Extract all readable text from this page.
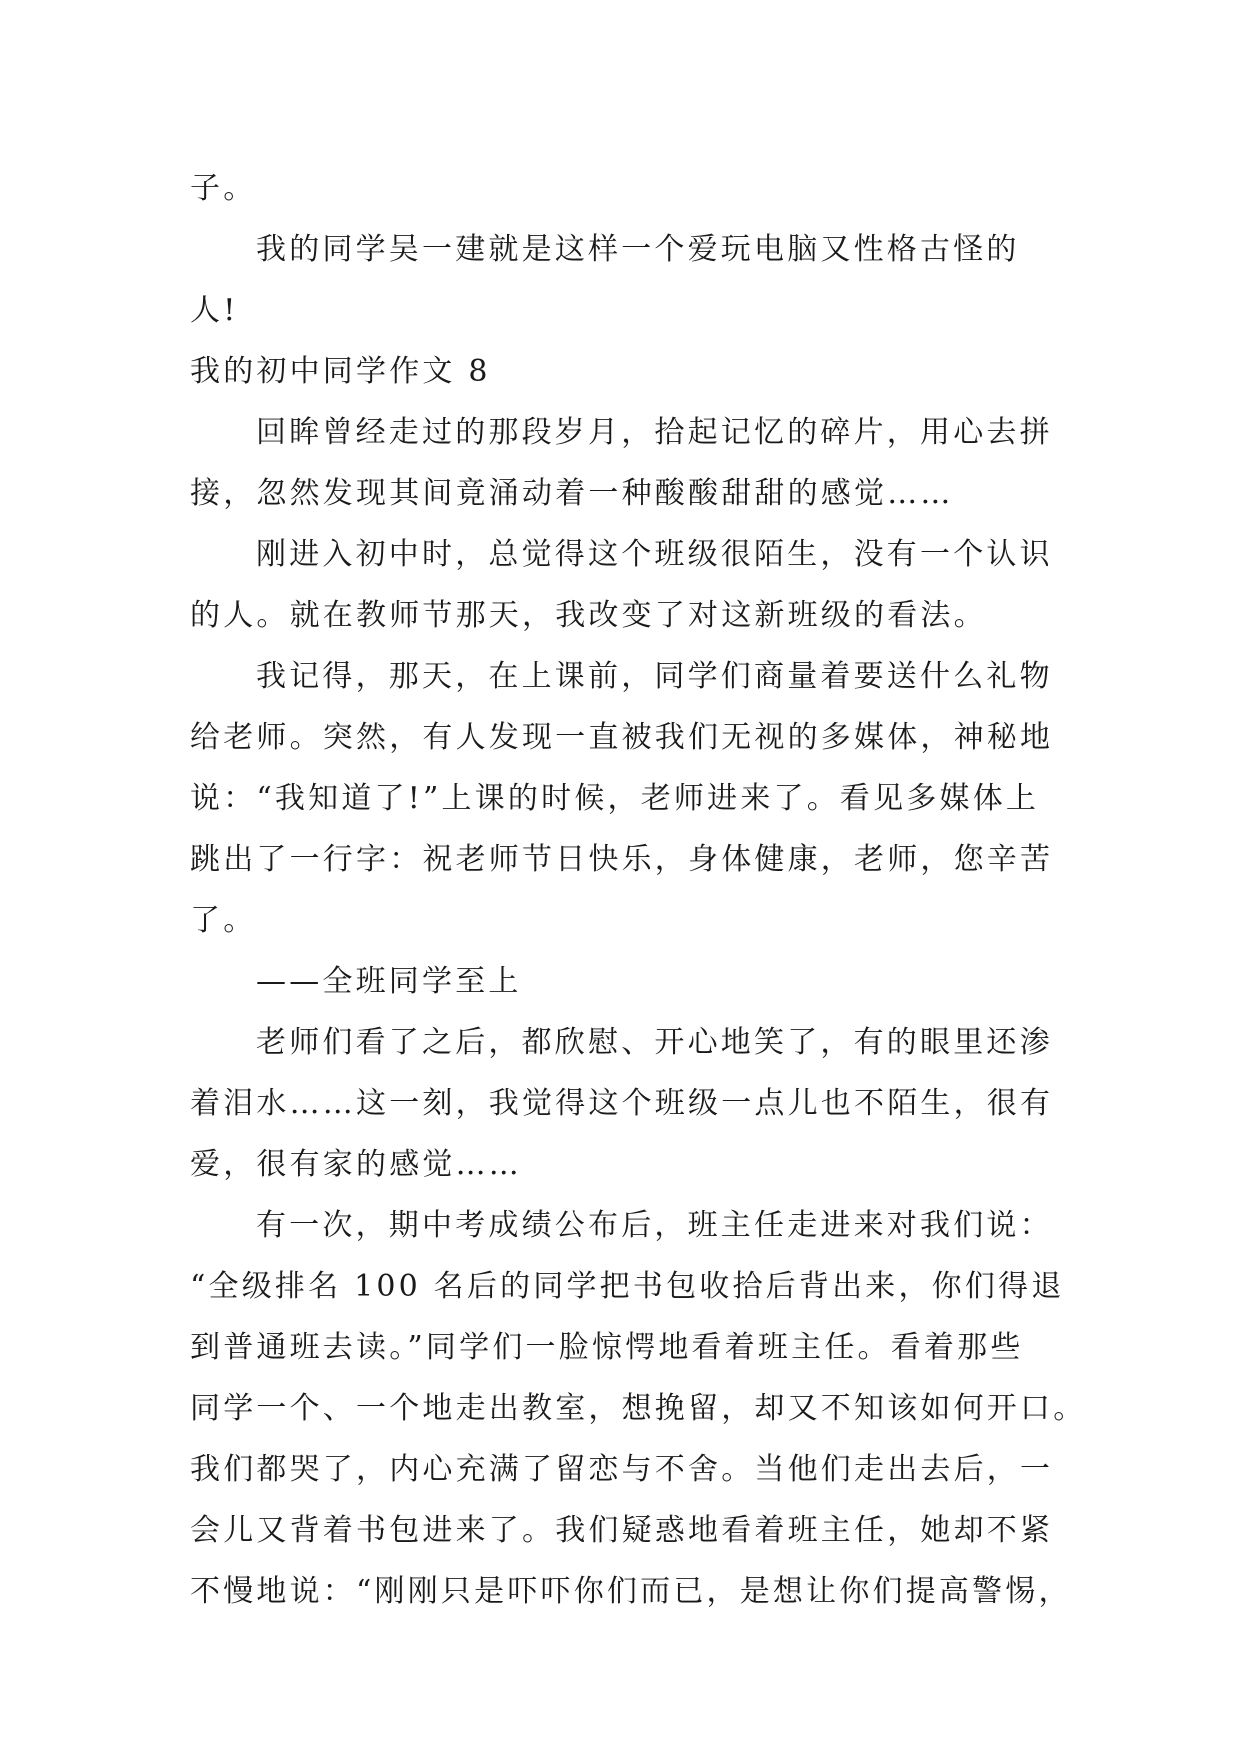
子。
我的同学吴一建就是这样一个爱玩电脑又性格古怪的
人!
我的初中同学作文 8
回眸曾经走过的那段岁月，拾起记忆的碎片，用心去拼
接，忽然发现其间竟涌动着一种酸酸甜甜的感觉……
刚进入初中时，总觉得这个班级很陌生，没有一个认识
的人。就在教师节那天，我改变了对这新班级的看法。
我记得，那天，在上课前，同学们商量着要送什么礼物
给老师。突然，有人发现一直被我们无视的多媒体，神秘地
说：“我知道了!”上课的时候，老师进来了。看见多媒体上
跳出了一行字：祝老师节日快乐，身体健康，老师，您辛苦
了。
——全班同学至上
老师们看了之后，都欣慰、开心地笑了，有的眼里还渗
着泪水……这一刻，我觉得这个班级一点儿也不陌生，很有
爱，很有家的感觉……
有一次，期中考成绩公布后，班主任走进来对我们说：
“全级排名 100 名后的同学把书包收拾后背出来，你们得退
到普通班去读。”同学们一脸惊愕地看着班主任。看着那些
同学一个、一个地走出教室，想挽留，却又不知该如何开口。
我们都哭了，内心充满了留恋与不舍。当他们走出去后，一
会儿又背着书包进来了。我们疑惑地看着班主任，她却不紧
不慢地说：“刚刚只是吓吓你们而已，是想让你们提高警惕，
